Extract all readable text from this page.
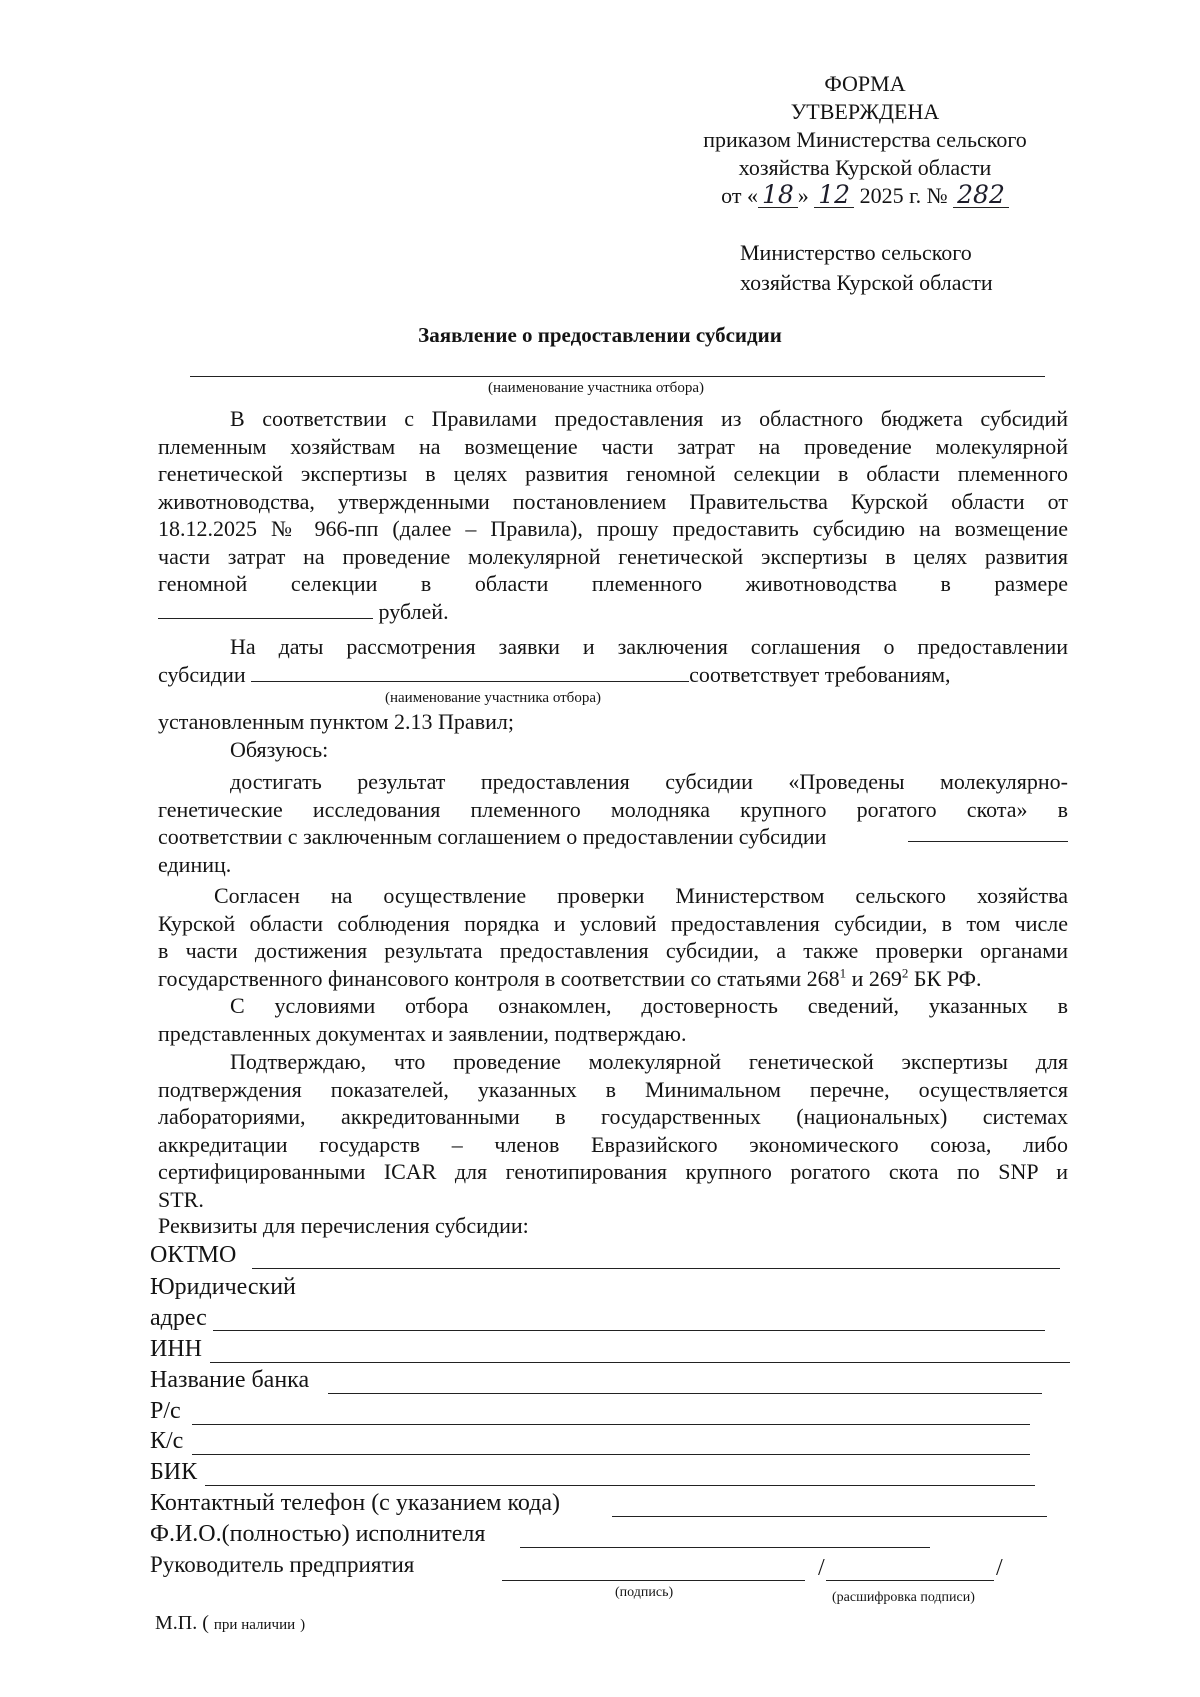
ФОРМА
УТВЕРЖДЕНА
приказом Министерства сельского
хозяйства Курской области
от « 18 » 12 2025 г. № 282
Министерство сельского
хозяйства Курской области
Заявление о предоставлении субсидии
(наименование участника отбора)
В соответствии с Правилами предоставления из областного бюджета субсидий
племенным хозяйствам на возмещение части затрат на проведение молекулярной
генетической экспертизы в целях развития геномной селекции в области племенного
животноводства, утвержденными постановлением Правительства Курской области от
18.12.2025 № 966-пп (далее – Правила), прошу предоставить субсидию на возмещение
части затрат на проведение молекулярной генетической экспертизы в целях развития
геномной селекции в области племенного животноводства в размере
рублей.
На даты рассмотрения заявки и заключения соглашения о предоставлении
субсидии	соответствует требованиям,
(наименование участника отбора)
установленным пунктом 2.13 Правил;
Обязуюсь:
достигать результат предоставления субсидии «Проведены молекулярно-
генетические исследования племенного молодняка крупного рогатого скота» в
соответствии с заключенным соглашением о предоставлении субсидии
единиц.
Согласен на осуществление проверки Министерством сельского хозяйства
Курской области соблюдения порядка и условий предоставления субсидии, в том числе
в части достижения результата предоставления субсидии, а также проверки органами
государственного финансового контроля в соответствии со статьями $268^1$ и $269^2$ БК РФ.
С условиями отбора ознакомлен, достоверность сведений, указанных в
представленных документах и заявлении, подтверждаю.
Подтверждаю, что проведение молекулярной генетической экспертизы для
подтверждения показателей, указанных в Минимальном перечне, осуществляется
лабораториями, аккредитованными в государственных (национальных) системах
аккредитации государств – членов Евразийского экономического союза, либо
сертифицированными ICAR для генотипирования крупного рогатого скота по SNP и
STR.
Реквизиты для перечисления субсидии:
ОКТМО
Юридический
адрес
ИНН
Название банка
Р/с
К/с
БИК
Контактный телефон (с указанием кода)
Ф.И.О.(полностью) исполнителя
Руководитель предприятия	/	/
(подпись)	(расшифровка подписи)
М.П. ( при наличии )
